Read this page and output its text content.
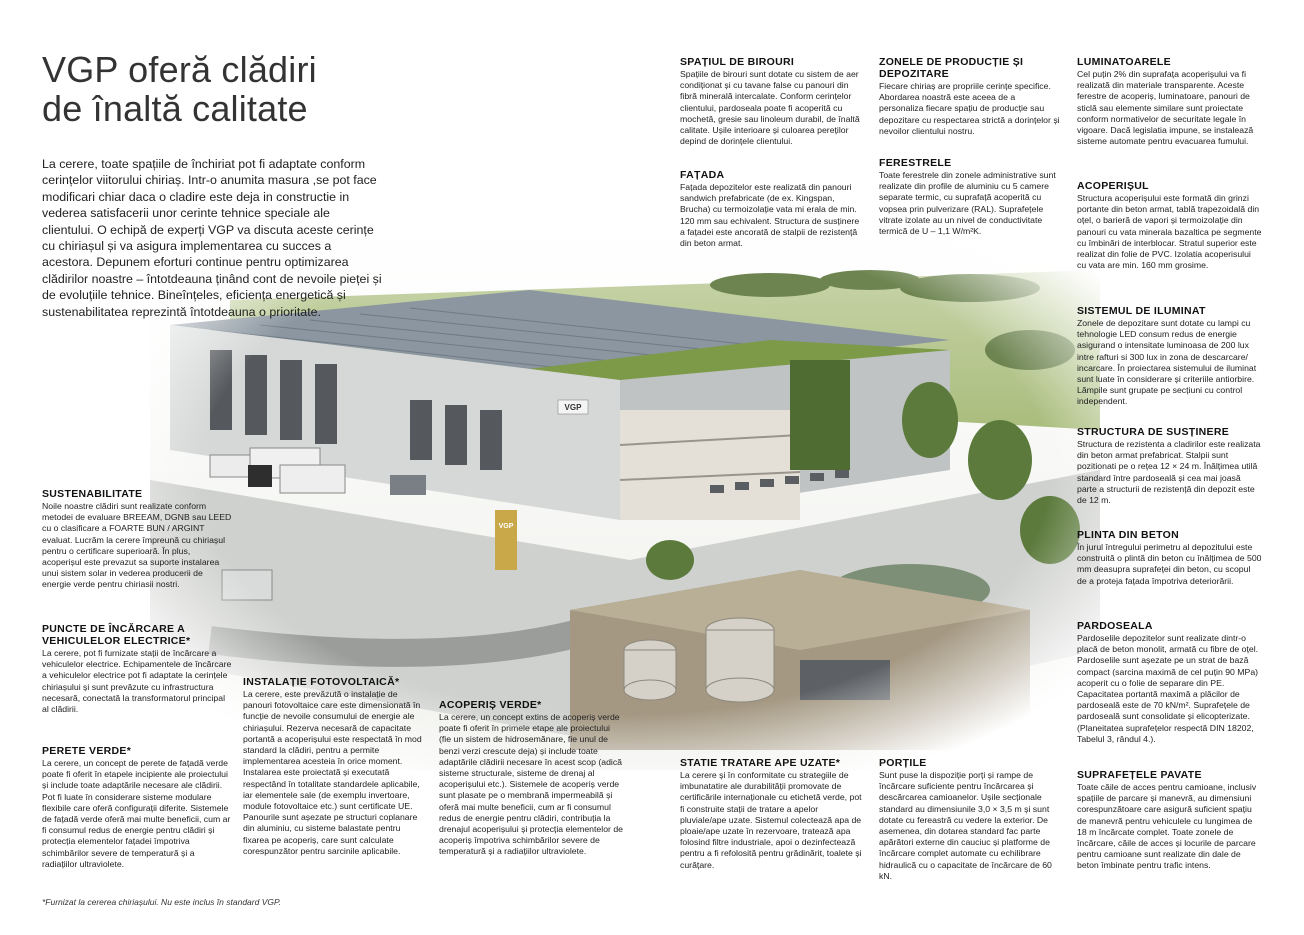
VGP oferă clădiri
de înaltă calitate
La cerere, toate spațiile de închiriat pot fi adaptate conform cerințelor viitorului chiriaș. Intr-o anumita masura ,se pot face modificari chiar daca o cladire este deja in constructie in vederea satisfacerii unor cerinte tehnice speciale ale clientului. O echipă de experți VGP va discuta aceste cerințe cu chiriașul și va asigura implementarea cu succes a acestora. Depunem eforturi continue pentru optimizarea clădirilor noastre – întotdeauna ținând cont de nevoile pieței și de evoluțiile tehnice. Bineînțeles, eficiența energetică și sustenabilitatea reprezintă întotdeauna o prioritate.
SPAȚIUL DE BIROURI

Spațiile de birouri sunt dotate cu sistem de aer condiționat și cu tavane false cu panouri din fibră minerală intercalate. Conform cerințelor clientului, pardoseala poate fi acoperită cu mochetă, gresie sau linoleum durabil, de înaltă calitate. Ușile interioare și culoarea pereților depind de dorințele clientului.

FAȚADA

Fațada depozitelor este realizată din panouri sandwich prefabricate (de ex. Kingspan, Brucha) cu termoizolație vata mi erala de min. 120 mm sau echivalent. Structura de susținere a fațadei este ancorată de stalpii de rezistență din beton armat.

ZONELE DE PRODUCȚIE ȘI DEPOZITARE

Fiecare chiriaș are propriile cerințe specifice. Abordarea noastră este aceea de a personaliza fiecare spațiu de producție sau depozitare cu respectarea strictă a dorințelor și nevoilor clientului nostru.

FERESTRELE

Toate ferestrele din zonele administrative sunt realizate din profile de aluminiu cu 5 camere separate termic, cu suprafață acoperită cu vopsea prin pulverizare (RAL). Suprafețele vitrate izolate au un nivel de conductivitate termică de U – 1,1 W/m²K.

LUMINATOARELE

Cel puțin 2% din suprafața acoperișului va fi realizată din materiale transparente. Aceste ferestre de acoperiș, luminatoare, panouri de sticlă sau elemente similare sunt proiectate conform normativelor de securitate legale în vigoare. Dacă legislatia impune, se instalează sisteme automate pentru evacuarea fumului.

ACOPERIȘUL

Structura acoperișului este formată din grinzi portante din beton armat, tablă trapezoidală din oțel, o barieră de vapori și termoizolație din panouri cu vata minerala bazaltica pe segmente cu îmbinări de interblocar. Stratul superior este realizat din folie de PVC. Izolatia acoperisului cu vata are min. 160 mm grosime.

SISTEMUL DE ILUMINAT

Zonele de depozitare sunt dotate cu lampi cu tehnologie LED consum redus de energie asigurand o intensitate luminoasa de 200 lux intre rafturi si 300 lux in zona de descarcare/ incarcare. În proiectarea sistemului de iluminat sunt luate în considerare și criteriile antiorbire. Lămpile sunt grupate pe secțiuni cu control independent.

STRUCTURA DE SUSȚINERE

Structura de rezistenta a cladirilor este realizata din beton armat prefabricat. Stalpii sunt pozitionati pe o rețea 12 × 24 m. Înălțimea utilă standard între pardoseală și cea mai joasă parte a structurii de rezistență din depozit este de 12 m.

PLINTA DIN BETON

În jurul întregului perimetru al depozitului este construită o plintă din beton cu înălțimea de 500 mm deasupra suprafeței din beton, cu scopul de a proteja fațada împotriva deteriorării.

PARDOSEALA

Pardoselile depozitelor sunt realizate dintr-o placă de beton monolit, armată cu fibre de oțel. Pardoselile sunt așezate pe un strat de bază compact (sarcina maximă de cel puțin 90 MPa) acoperit cu o folie de separare din PE. Capacitatea portantă maximă a plăcilor de pardoseală este de 70 kN/m². Suprafețele de pardoseală sunt consolidate și elicopterizate. (Planeitatea suprafețelor respectă DIN 18202, Tabelul 3, rândul 4.).

SUPRAFEȚELE PAVATE

Toate căile de acces pentru camioane, inclusiv spațiile de parcare și manevră, au dimensiuni corespunzătoare care asigură suficient spațiu de manevră pentru vehiculele cu lungimea de 18 m încărcate complet. Toate zonele de încărcare, căile de acces și locurile de parcare pentru camioane sunt realizate din dale de beton îmbinate pentru trafic intens.

SUSTENABILITATE

Noile noastre clădiri sunt realizate conform metodei de evaluare BREEAM, DGNB sau LEED cu o clasificare a FOARTE BUN / ARGINT evaluat. Lucrăm la cerere împreună cu chiriașul pentru o certificare superioară. În plus, acoperișul este prevazut sa suporte instalarea unui sistem solar in vederea producerii de energie verde pentru chiriasii nostri.

PUNCTE DE ÎNCĂRCARE A VEHICULELOR ELECTRICE*

La cerere, pot fi furnizate stații de încărcare a vehiculelor electrice. Echipamentele de încărcare a vehiculelor electrice pot fi adaptate la cerințele chiriașului și sunt prevăzute cu infrastructura necesară, conectată la transformatorul principal al clădirii.

PERETE VERDE*

La cerere, un concept de perete de fațadă verde poate fi oferit în etapele incipiente ale proiectului și include toate adaptările necesare ale clădirii. Pot fi luate în considerare sisteme modulare flexibile care oferă configurații diferite. Sistemele de fațadă verde oferă mai multe beneficii, cum ar fi consumul redus de energie pentru clădiri și protecția elementelor fațadei împotriva schimbărilor severe de temperatură și a radiațiilor ultraviolete.

INSTALAȚIE FOTOVOLTAICĂ*

La cerere, este prevăzută o instalație de panouri fotovoltaice care este dimensionată în funcție de nevoile consumului de energie ale chiriașului. Rezerva necesară de capacitate portantă a acoperișului este respectată în mod standard la clădiri, pentru a permite implementarea acesteia în orice moment. Instalarea este proiectată și executată respectând în totalitate standardele aplicabile, iar elementele sale (de exemplu invertoare, module fotovoltaice etc.) sunt certificate UE. Panourile sunt așezate pe structuri coplanare din aluminiu, cu sisteme balastate pentru fixarea pe acoperiș, care sunt calculate corespunzător pentru sarcinile aplicabile.

ACOPERIȘ VERDE*

La cerere, un concept extins de acoperiș verde poate fi oferit în primele etape ale proiectului (fie un sistem de hidrosemănare, fie unul de benzi verzi crescute deja) și include toate adaptările clădirii necesare în acest scop (adică sisteme structurale, sisteme de drenaj al acoperișului etc.). Sistemele de acoperiș verde sunt plasate pe o membrană impermeabilă și oferă mai multe beneficii, cum ar fi consumul redus de energie pentru clădiri, contribuția la drenajul acoperișului și protecția elementelor de acoperiș împotriva schimbărilor severe de temperatură și a radiațiilor ultraviolete.

STATIE TRATARE APE UZATE*

La cerere și în conformitate cu strategiile de imbunatatire ale durabilității promovate de certificările internaționale cu etichetă verde, pot fi construite stații de tratare a apelor pluviale/ape uzate. Sistemul colectează apa de ploaie/ape uzate în rezervoare, tratează apa folosind filtre industriale, apoi o dezinfectează pentru a fi refolosită pentru grădinărit, toalete și curățare.

PORȚILE

Sunt puse la dispoziție porți și rampe de încărcare suficiente pentru încărcarea și descărcarea camioanelor. Ușile secționale standard au dimensiunile 3,0 × 3,5 m și sunt dotate cu fereastră cu vedere la exterior. De asemenea, din dotarea standard fac parte apărători externe din cauciuc și platforme de încărcare complet automate cu echilibrare hidraulică cu o capacitate de încărcare de 60 kN.

*Furnizat la cererea chiriașului. Nu este inclus în standard VGP.
